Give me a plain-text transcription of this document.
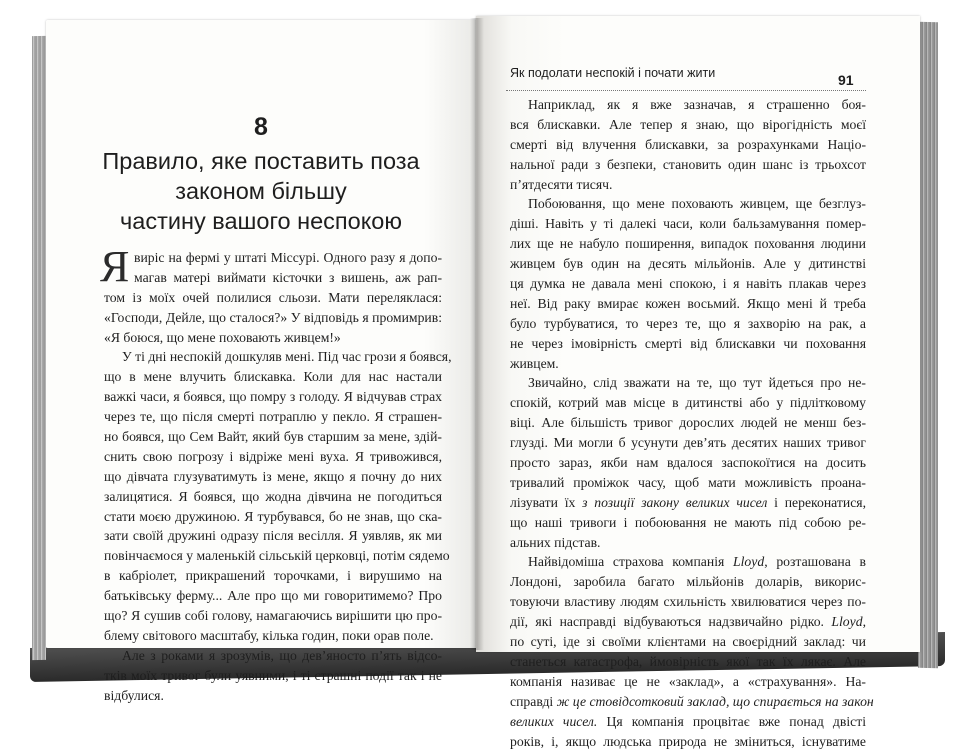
8
Правило, яке поставить поза
законом більшу
частину вашого неспокою
Я вирiс на фермі у штаті Міссурі. Одного разу я допо-
магав матері виймати кісточки з вишень, аж рап-
том із моїх очей полилися сльози. Мати переляклася:
«Господи, Дейле, що сталося?» У відповідь я промимрив:
«Я боюся, що мене поховають живцем!»
У ті дні неспокій дошкуляв мені. Під час грози я боявся,
що в мене влучить блискавка. Коли для нас настали
важкі часи, я боявся, що помру з голоду. Я відчував страх
через те, що після смерті потраплю у пекло. Я страшен-
но боявся, що Сем Вайт, який був старшим за мене, здій-
снить свою погрозу і відріже мені вуха. Я тривожився,
що дівчата глузуватимуть із мене, якщо я почну до них
залицятися. Я боявся, що жодна дівчина не погодиться
стати моєю дружиною. Я турбувався, бо не знав, що ска-
зати своїй дружині одразу після весілля. Я уявляв, як ми
повінчаємося у маленькій сільській церковці, потім сядемо
в кабріолет, прикрашений торочками, і вирушимо на
батьківську ферму... Але про що ми говоритимемо? Про
що? Я сушив собі голову, намагаючись вирішити цю про-
блему світового масштабу, кілька годин, поки орав поле.
Але з роками я зрозумів, що дев’яносто п’ять відсо-
тків моїх тривог були уявними, і ті страшні події так і не
відбулися.
Як подолати неспокій і почати жити	91
Наприклад, як я вже зазначав, я страшенно боя-
вся блискавки. Але тепер я знаю, що вірогідність моєї
смерті від влучення блискавки, за розрахунками Націо-
нальної ради з безпеки, становить один шанс із трьохсот
п’ятдесяти тисяч.
Побоювання, що мене поховають живцем, ще безглуз-
діші. Навіть у ті далекі часи, коли бальзамування помер-
лих ще не набуло поширення, випадок поховання людини
живцем був один на десять мільйонів. Але у дитинстві
ця думка не давала мені спокою, і я навіть плакав через
неї. Від раку вмирає кожен восьмий. Якщо мені й треба
було турбуватися, то через те, що я захворію на рак, а
не через імовірність смерті від блискавки чи поховання
живцем.
Звичайно, слід зважати на те, що тут йдеться про не-
спокій, котрий мав місце в дитинстві або у підлітковому
віці. Але більшість тривог дорослих людей не менш без-
глузді. Ми могли б усунути дев’ять десятих наших тривог
просто зараз, якби нам вдалося заспокоїтися на досить
тривалий проміжок часу, щоб мати можливість проана-
лізувати їх з позиції закону великих чисел і переконатися,
що наші тривоги і побоювання не мають під собою ре-
альних підстав.
Найвідоміша страхова компанія Lloyd, розташована в
Лондоні, заробила багато мільйонів доларів, викорис-
товуючи властиву людям схильність хвилюватися через по-
дії, які насправді відбуваються надзвичайно рідко. Lloyd,
по суті, іде зі своїми клієнтами на своєрідний заклад: чи
станеться катастрофа, ймовірність якої так їх лякає. Але
компанія називає це не «заклад», а «страхування». На-
справді ж це стовідсотковий заклад, що спирається на закон
великих чисел. Ця компанія процвітає вже понад двісті
років, і, якщо людська природа не зміниться, існуватиме
